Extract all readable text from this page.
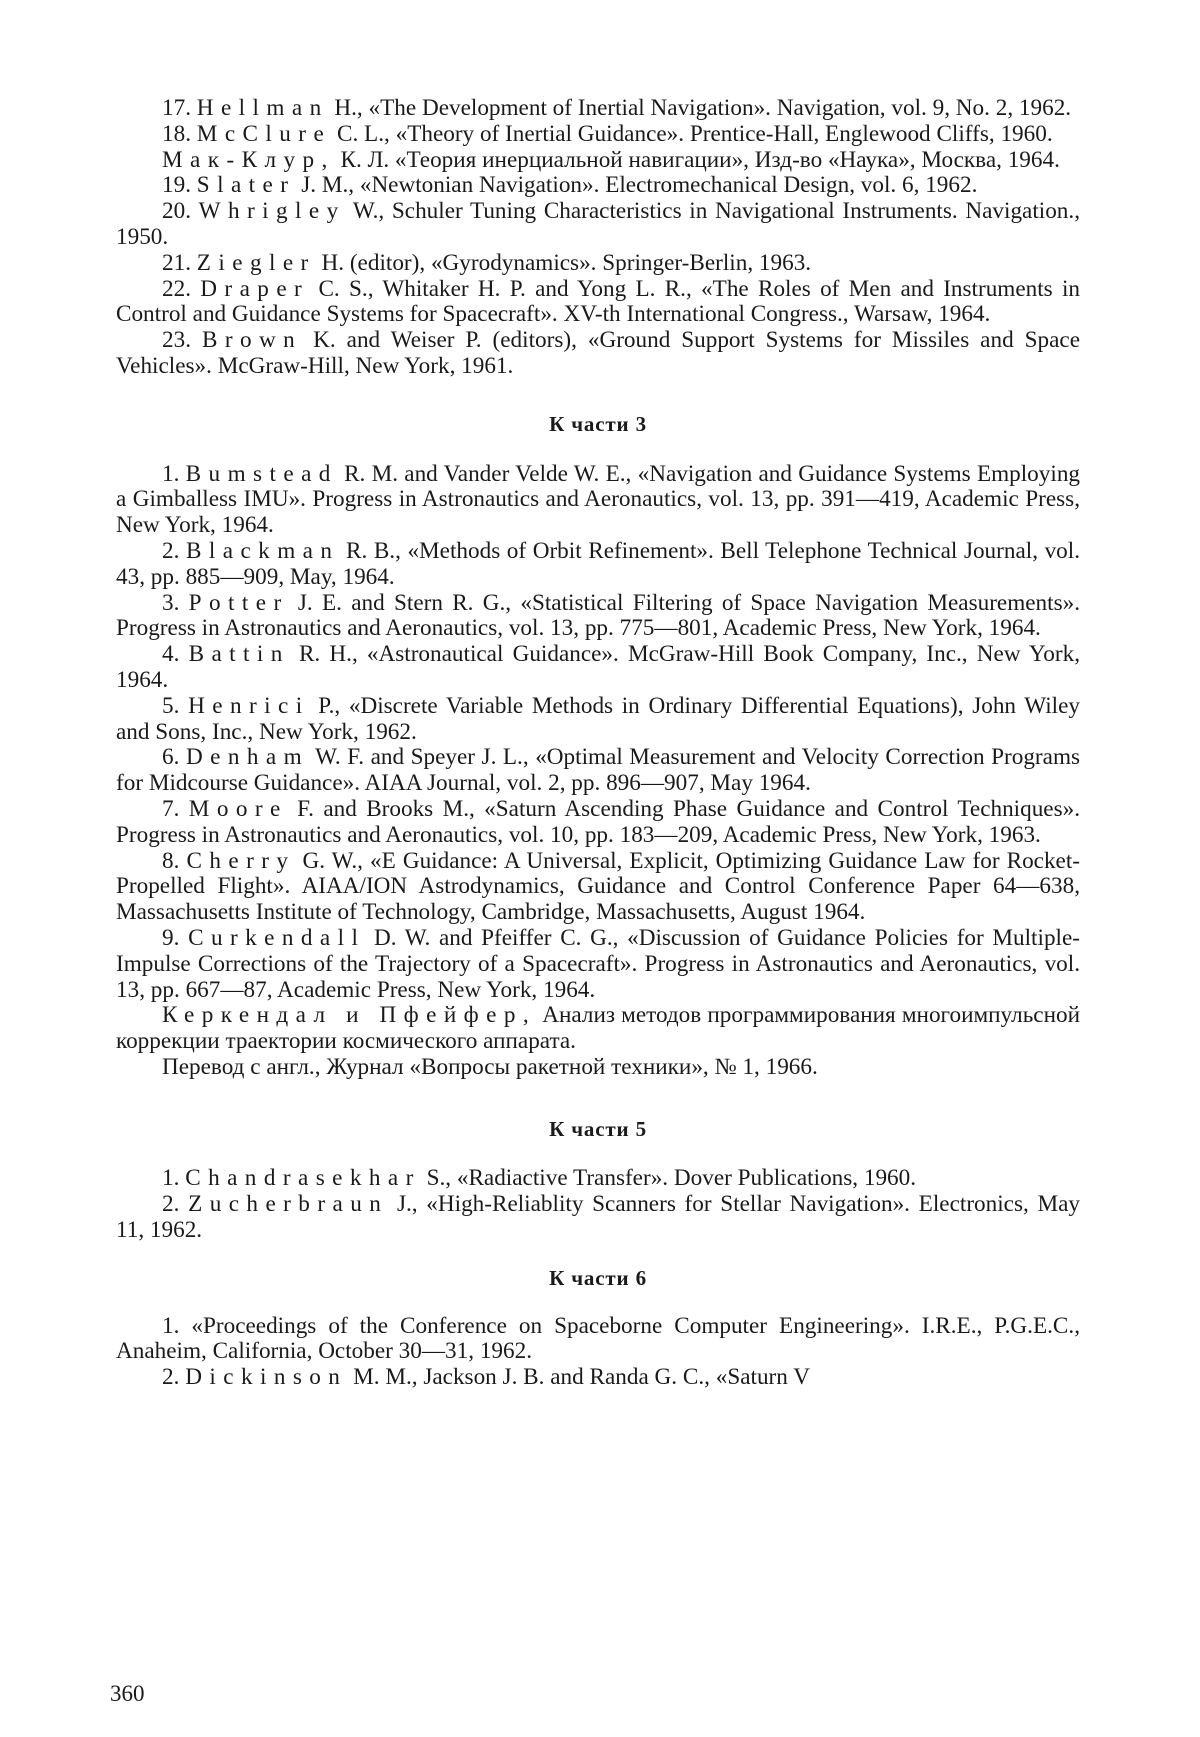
17. Hellman H., «The Development of Inertial Navigation». Navigation, vol. 9, No. 2, 1962.

18. McClure C. L., «Theory of Inertial Guidance». Prentice-Hall, Englewood Cliffs, 1960.

Мак-Клур, К. Л. «Теория инерциальной навигации», Изд-во «Наука», Москва, 1964.

19. Slater J. M., «Newtonian Navigation». Electromechanical Design, vol. 6, 1962.

20. Whrigley W., Schuler Tuning Characteristics in Navigational Instruments. Navigation., 1950.

21. Ziegler H. (editor), «Gyrodynamics». Springer-Berlin, 1963.

22. Draper C. S., Whitaker H. P. and Yong L. R., «The Roles of Men and Instruments in Control and Guidance Systems for Spacecraft». XV-th International Congress., Warsaw, 1964.

23. Brown K. and Weiser P. (editors), «Ground Support Systems for Missiles and Space Vehicles». McGraw-Hill, New York, 1961.

К части 3

1. Bumstead R. M. and Vander Velde W. E., «Navigation and Guidance Systems Employing a Gimballess IMU». Progress in Astronautics and Aeronautics, vol. 13, pp. 391—419, Academic Press, New York, 1964.

2. Blackman R. B., «Methods of Orbit Refinement». Bell Telephone Technical Journal, vol. 43, pp. 885—909, May, 1964.

3. Potter J. E. and Stern R. G., «Statistical Filtering of Space Navigation Measurements». Progress in Astronautics and Aeronautics, vol. 13, pp. 775—801, Academic Press, New York, 1964.

4. Battin R. H., «Astronautical Guidance». McGraw-Hill Book Company, Inc., New York, 1964.

5. Henrici P., «Discrete Variable Methods in Ordinary Differential Equations), John Wiley and Sons, Inc., New York, 1962.

6. Denham W. F. and Speyer J. L., «Optimal Measurement and Velocity Correction Programs for Midcourse Guidance». AIAA Journal, vol. 2, pp. 896—907, May 1964.

7. Moore F. and Brooks M., «Saturn Ascending Phase Guidance and Control Techniques». Progress in Astronautics and Aeronautics, vol. 10, pp. 183—209, Academic Press, New York, 1963.

8. Cherry G. W., «E Guidance: A Universal, Explicit, Optimizing Guidance Law for Rocket-Propelled Flight». AIAA/ION Astrodynamics, Guidance and Control Conference Paper 64—638, Massachusetts Institute of Technology, Cambridge, Massachusetts, August 1964.

9. Curkendall D. W. and Pfeiffer C. G., «Discussion of Guidance Policies for Multiple-Impulse Corrections of the Trajectory of a Spacecraft». Progress in Astronautics and Aeronautics, vol. 13, pp. 667—87, Academic Press, New York, 1964.

Керкендал и Пфейфер, Анализ методов программирования многоимпульсной коррекции траектории космического аппарата.

Перевод с англ., Журнал «Вопросы ракетной техники», № 1, 1966.

К части 5

1. Chandrasekhar S., «Radiactive Transfer». Dover Publications, 1960.

2. Zucherbraun J., «High-Reliablity Scanners for Stellar Navigation». Electronics, May 11, 1962.

К части 6

1. «Proceedings of the Conference on Spaceborne Computer Engineering». I.R.E., P.G.E.C., Anaheim, California, October 30—31, 1962.

2. Dickinson M. M., Jackson J. B. and Randa G. C., «Saturn V

360
